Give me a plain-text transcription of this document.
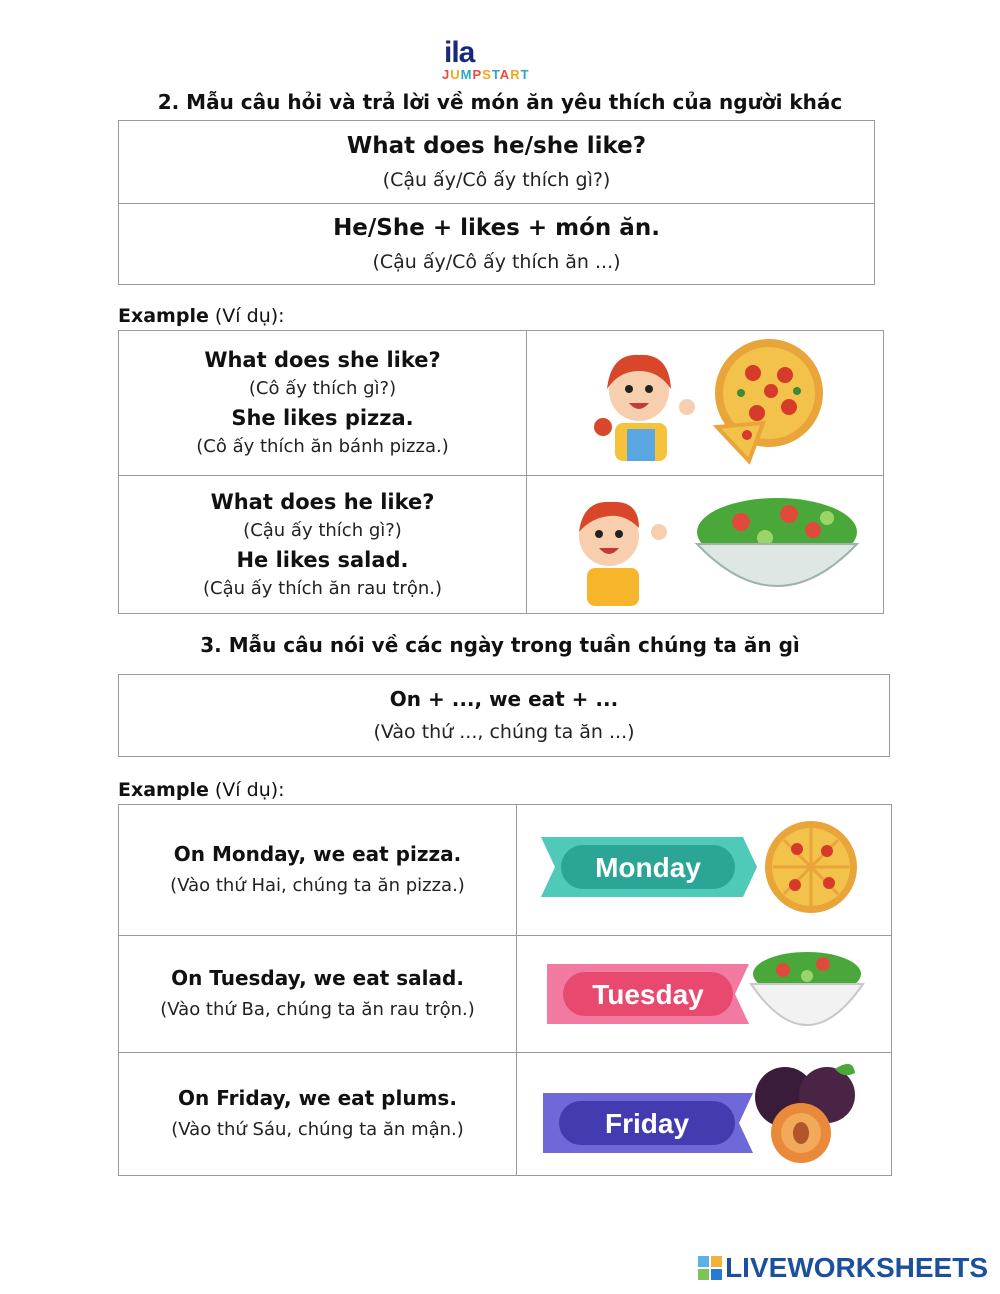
ila
JUMPSTART
2. Mẫu câu hỏi và trả lời về món ăn yêu thích của người khác
What does he/she like?
(Cậu ấy/Cô ấy thích gì?)
He/She + likes + món ăn.
(Cậu ấy/Cô ấy thích ăn ...)
Example (Ví dụ):
What does she like?
(Cô ấy thích gì?)
She likes pizza.
(Cô ấy thích ăn bánh pizza.)

What does he like?
(Cậu ấy thích gì?)
He likes salad.
(Cậu ấy thích ăn rau trộn.)

3. Mẫu câu nói về các ngày trong tuần chúng ta ăn gì
On + ..., we eat + ...
(Vào thứ ..., chúng ta ăn ...)
Example (Ví dụ):
On Monday, we eat pizza.
(Vào thứ Hai, chúng ta ăn pizza.)	Monday

On Tuesday, we eat salad.
(Vào thứ Ba, chúng ta ăn rau trộn.)	Tuesday

On Friday, we eat plums.
(Vào thứ Sáu, chúng ta ăn mận.)	Friday
LIVEWORKSHEETS
